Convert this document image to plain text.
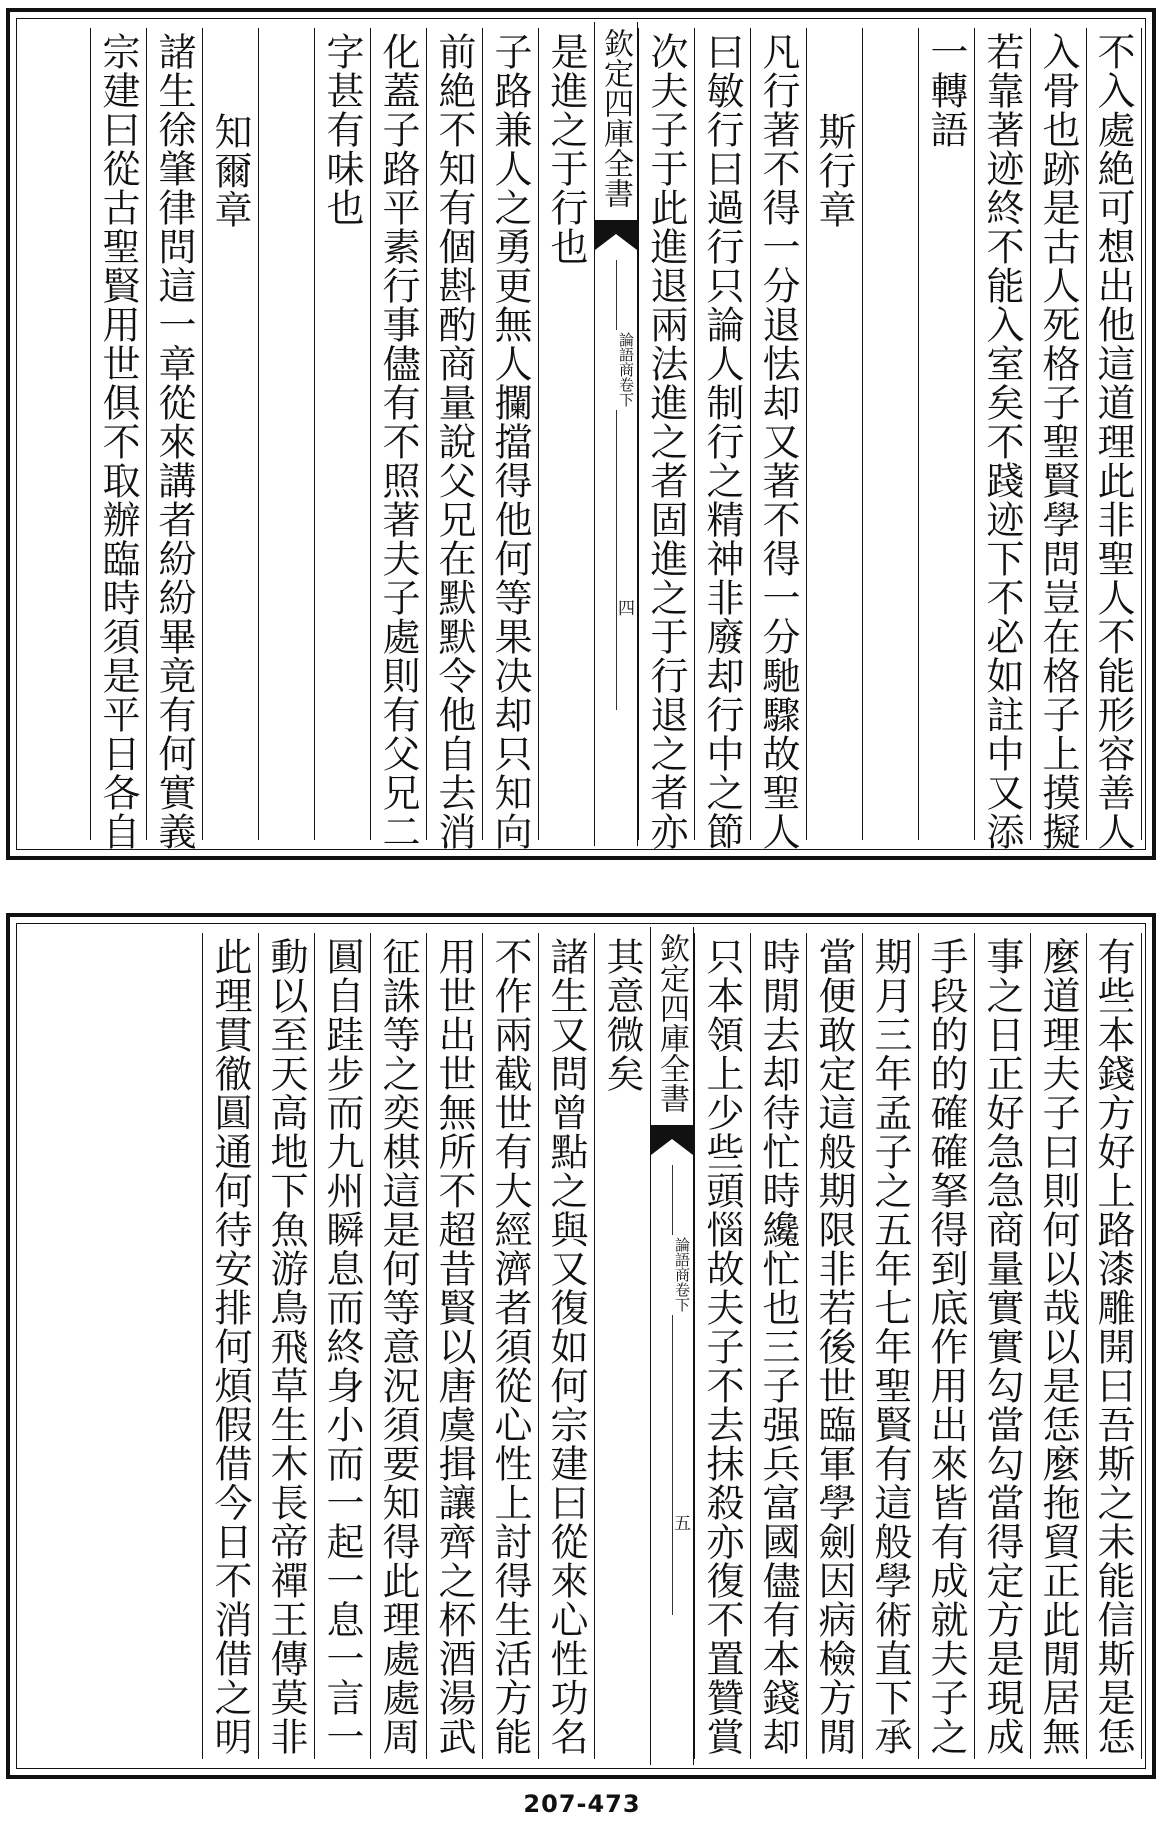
不入處絶可想出他這道理此非聖人不能形容善人
入骨也跡是古人死格子聖賢學問豈在格子上摸擬
若靠著迹終不能入室矣不踐迹下不必如註中又添
一轉語
斯行章
凡行著不得一分退怯却又著不得一分馳驟故聖人
曰敏行曰過行只論人制行之精神非廢却行中之節
次夫子于此進退兩法進之者固進之于行退之者亦
欽定四庫全書
論語商卷下
四
是進之于行也
子路兼人之勇更無人攔擋得他何等果决却只知向
前絶不知有個斟酌商量說父兄在默默令他自去消
化蓋子路平素行事儘有不照著夫子處則有父兄二
字甚有味也
知爾章
諸生徐肇律問這一章從來講者紛紛畢竟有何實義
宗建曰從古聖賢用世俱不取辦臨時須是平日各自
有些本錢方好上路漆雕開曰吾斯之未能信斯是恁
麼道理夫子曰則何以哉以是恁麼拖貿正此閒居無
事之日正好急急商量實實勾當勾當得定方是現成
手段的的確確拏得到底作用出來皆有成就夫子之
期月三年孟子之五年七年聖賢有這般學術直下承
當便敢定這般期限非若後世臨軍學劍因病檢方閒
時閒去却待忙時纔忙也三子强兵富國儘有本錢却
只本領上少些頭惱故夫子不去抹殺亦復不置贊賞
欽定四庫全書
論語商卷下
五
其意微矣
諸生又問曾點之與又復如何宗建曰從來心性功名
不作兩截世有大經濟者須從心性上討得生活方能
用世出世無所不超昔賢以唐虞揖讓齊之杯酒湯武
征誅等之奕棋這是何等意況須要知得此理處處周
圓自跬步而九州瞬息而終身小而一起一息一言一
動以至天高地下魚游鳥飛草生木長帝禪王傳莫非
此理貫徹圓通何待安排何煩假借今日不消借之明
207-473
